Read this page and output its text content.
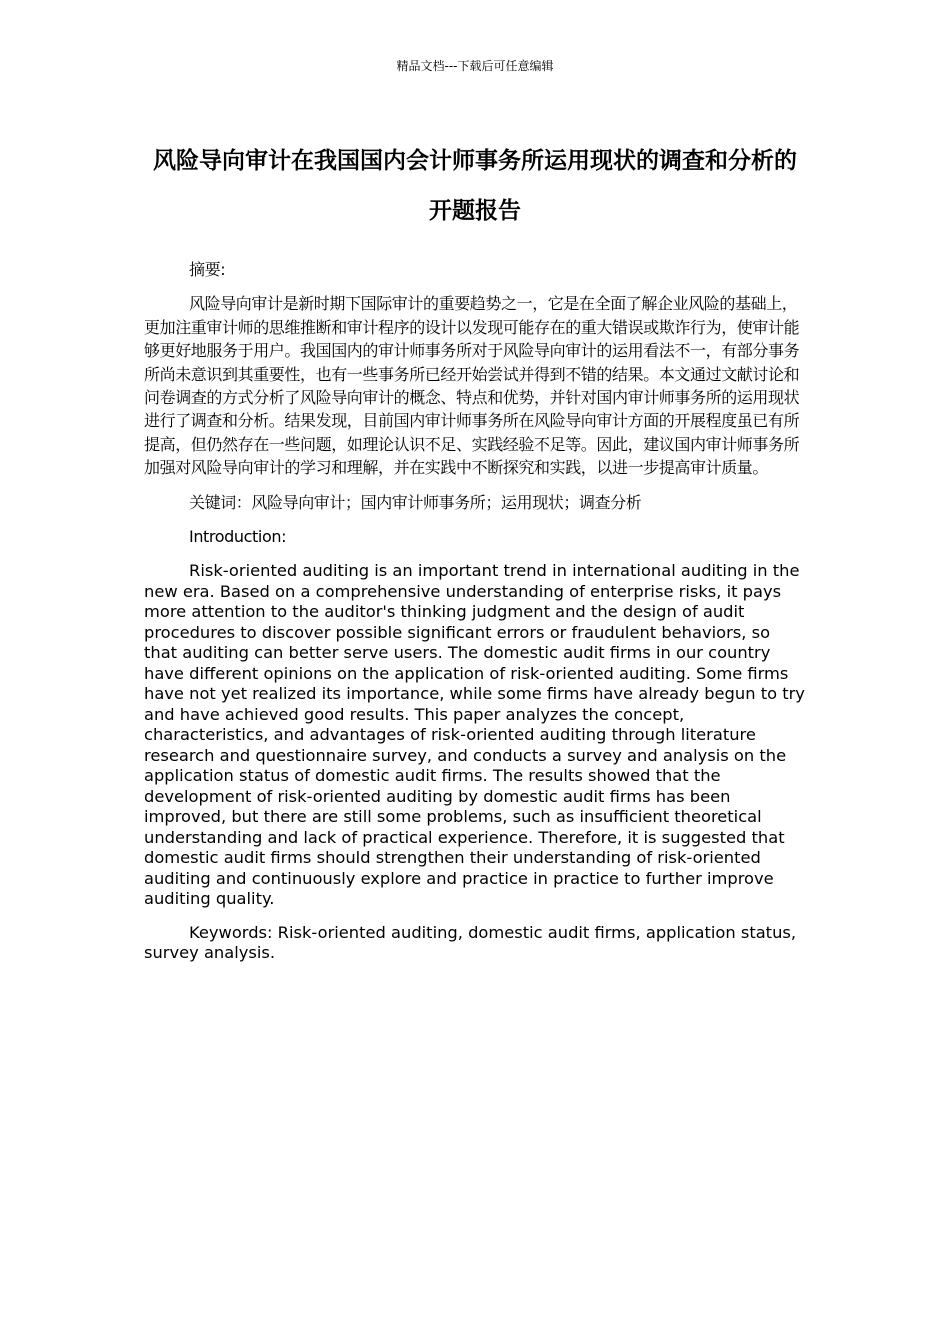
精品文档---下载后可任意编辑
风险导向审计在我国国内会计师事务所运用现状的调查和分析的开题报告

摘要:

风险导向审计是新时期下国际审计的重要趋势之一，它是在全面了解企业风险的基础上，更加注重审计师的思维推断和审计程序的设计以发现可能存在的重大错误或欺诈行为，使审计能够更好地服务于用户。我国国内的审计师事务所对于风险导向审计的运用看法不一，有部分事务所尚未意识到其重要性，也有一些事务所已经开始尝试并得到不错的结果。本文通过文献讨论和问卷调查的方式分析了风险导向审计的概念、特点和优势，并针对国内审计师事务所的运用现状进行了调查和分析。结果发现，目前国内审计师事务所在风险导向审计方面的开展程度虽已有所提高，但仍然存在一些问题，如理论认识不足、实践经验不足等。因此，建议国内审计师事务所加强对风险导向审计的学习和理解，并在实践中不断探究和实践，以进一步提高审计质量。

关键词：风险导向审计；国内审计师事务所；运用现状；调查分析

Introduction:

Risk-oriented auditing is an important trend in international auditing in the new era. Based on a comprehensive understanding of enterprise risks, it pays more attention to the auditor's thinking judgment and the design of audit procedures to discover possible significant errors or fraudulent behaviors, so that auditing can better serve users. The domestic audit firms in our country have different opinions on the application of risk-oriented auditing. Some firms have not yet realized its importance, while some firms have already begun to try and have achieved good results. This paper analyzes the concept, characteristics, and advantages of risk-oriented auditing through literature research and questionnaire survey, and conducts a survey and analysis on the application status of domestic audit firms. The results showed that the development of risk-oriented auditing by domestic audit firms has been improved, but there are still some problems, such as insufficient theoretical understanding and lack of practical experience. Therefore, it is suggested that domestic audit firms should strengthen their understanding of risk-oriented auditing and continuously explore and practice in practice to further improve auditing quality.

Keywords: Risk-oriented auditing, domestic audit firms, application status, survey analysis.
